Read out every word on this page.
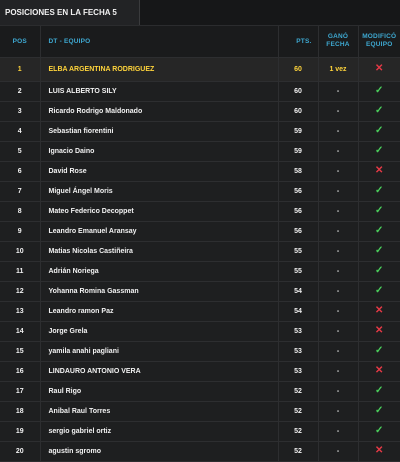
POSICIONES EN LA FECHA 5
POS	DT - EQUIPO	PTS.	GANÓ FECHA	MODIFICÓ EQUIPO
1	ELBA ARGENTINA RODRIGUEZ	60	1 vez	✕
2	LUIS ALBERTO SILY	60	-	✓
3	Ricardo Rodrigo Maldonado	60	-	✓
4	Sebastian fiorentini	59	-	✓
5	Ignacio Daino	59	-	✓
6	David Rose	58	-	✕
7	Miguel Ángel Moris	56	-	✓
8	Mateo Federico Decoppet	56	-	✓
9	Leandro Emanuel Aransay	56	-	✓
10	Matias Nicolas Castiñeira	55	-	✓
11	Adrián Noriega	55	-	✓
12	Yohanna Romina Gassman	54	-	✓
13	Leandro ramon Paz	54	-	✕
14	Jorge Grela	53	-	✕
15	yamila anahi pagliani	53	-	✓
16	LINDAURO ANTONIO VERA	53	-	✕
17	Raul Rigo	52	-	✓
18	Anibal Raul Torres	52	-	✓
19	sergio gabriel ortiz	52	-	✓
20	agustin sgromo	52	-	✕
